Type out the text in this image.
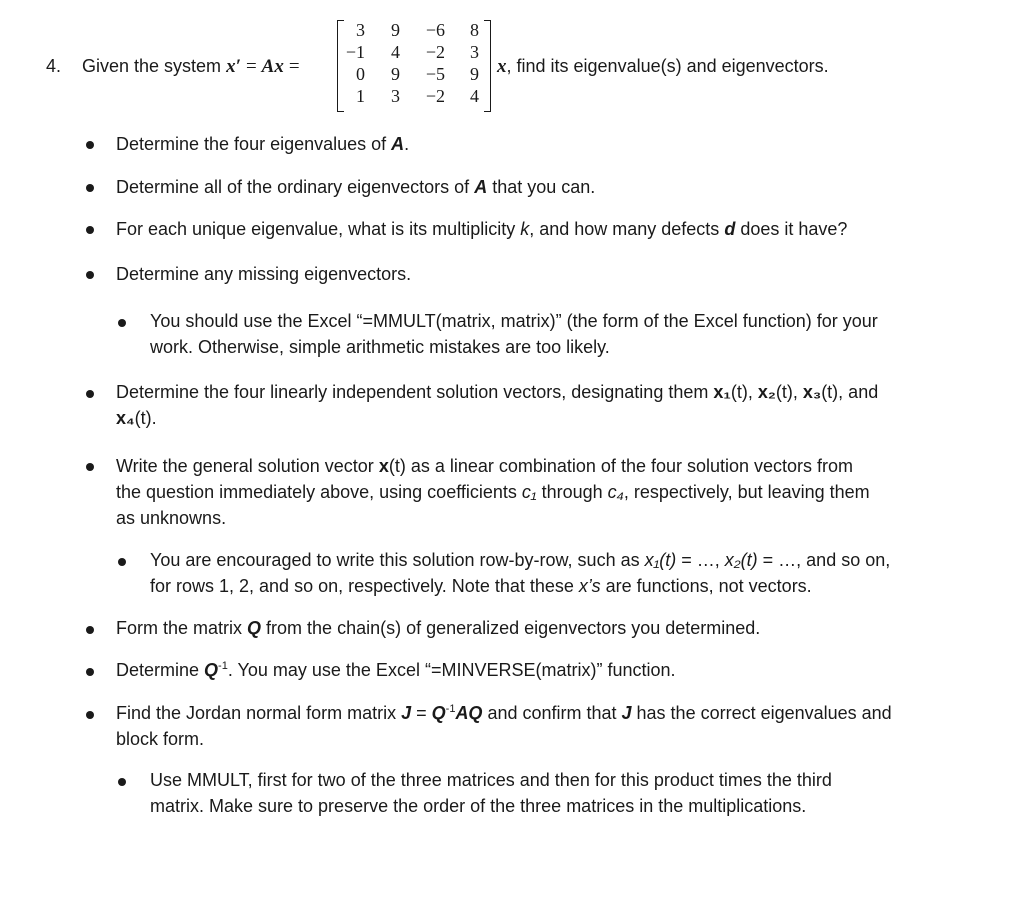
4. Given the system x′ = Ax =
3	9	−6	8
−1	4	−2	3
0	9	−5	9
1	3	−2	4
x, find its eigenvalue(s) and eigenvectors.
Determine the four eigenvalues of A.
Determine all of the ordinary eigenvectors of A that you can.
For each unique eigenvalue, what is its multiplicity k, and how many defects d does it have?
Determine any missing eigenvectors.
You should use the Excel “=MMULT(matrix, matrix)” (the form of the Excel function) for your
work. Otherwise, simple arithmetic mistakes are too likely.
Determine the four linearly independent solution vectors, designating them x₁(t), x₂(t), x₃(t), and
x₄(t).
Write the general solution vector x(t) as a linear combination of the four solution vectors from
the question immediately above, using coefficients c₁ through c₄, respectively, but leaving them
as unknowns.
You are encouraged to write this solution row-by-row, such as x₁(t) = …, x₂(t) = …, and so on,
for rows 1, 2, and so on, respectively. Note that these x’s are functions, not vectors.
Form the matrix Q from the chain(s) of generalized eigenvectors you determined.
Determine $Q^{-1}$. You may use the Excel “=MINVERSE(matrix)” function.
Find the Jordan normal form matrix $J = Q^{-1}AQ$ and confirm that J has the correct eigenvalues and
block form.
Use MMULT, first for two of the three matrices and then for this product times the third
matrix. Make sure to preserve the order of the three matrices in the multiplications.
